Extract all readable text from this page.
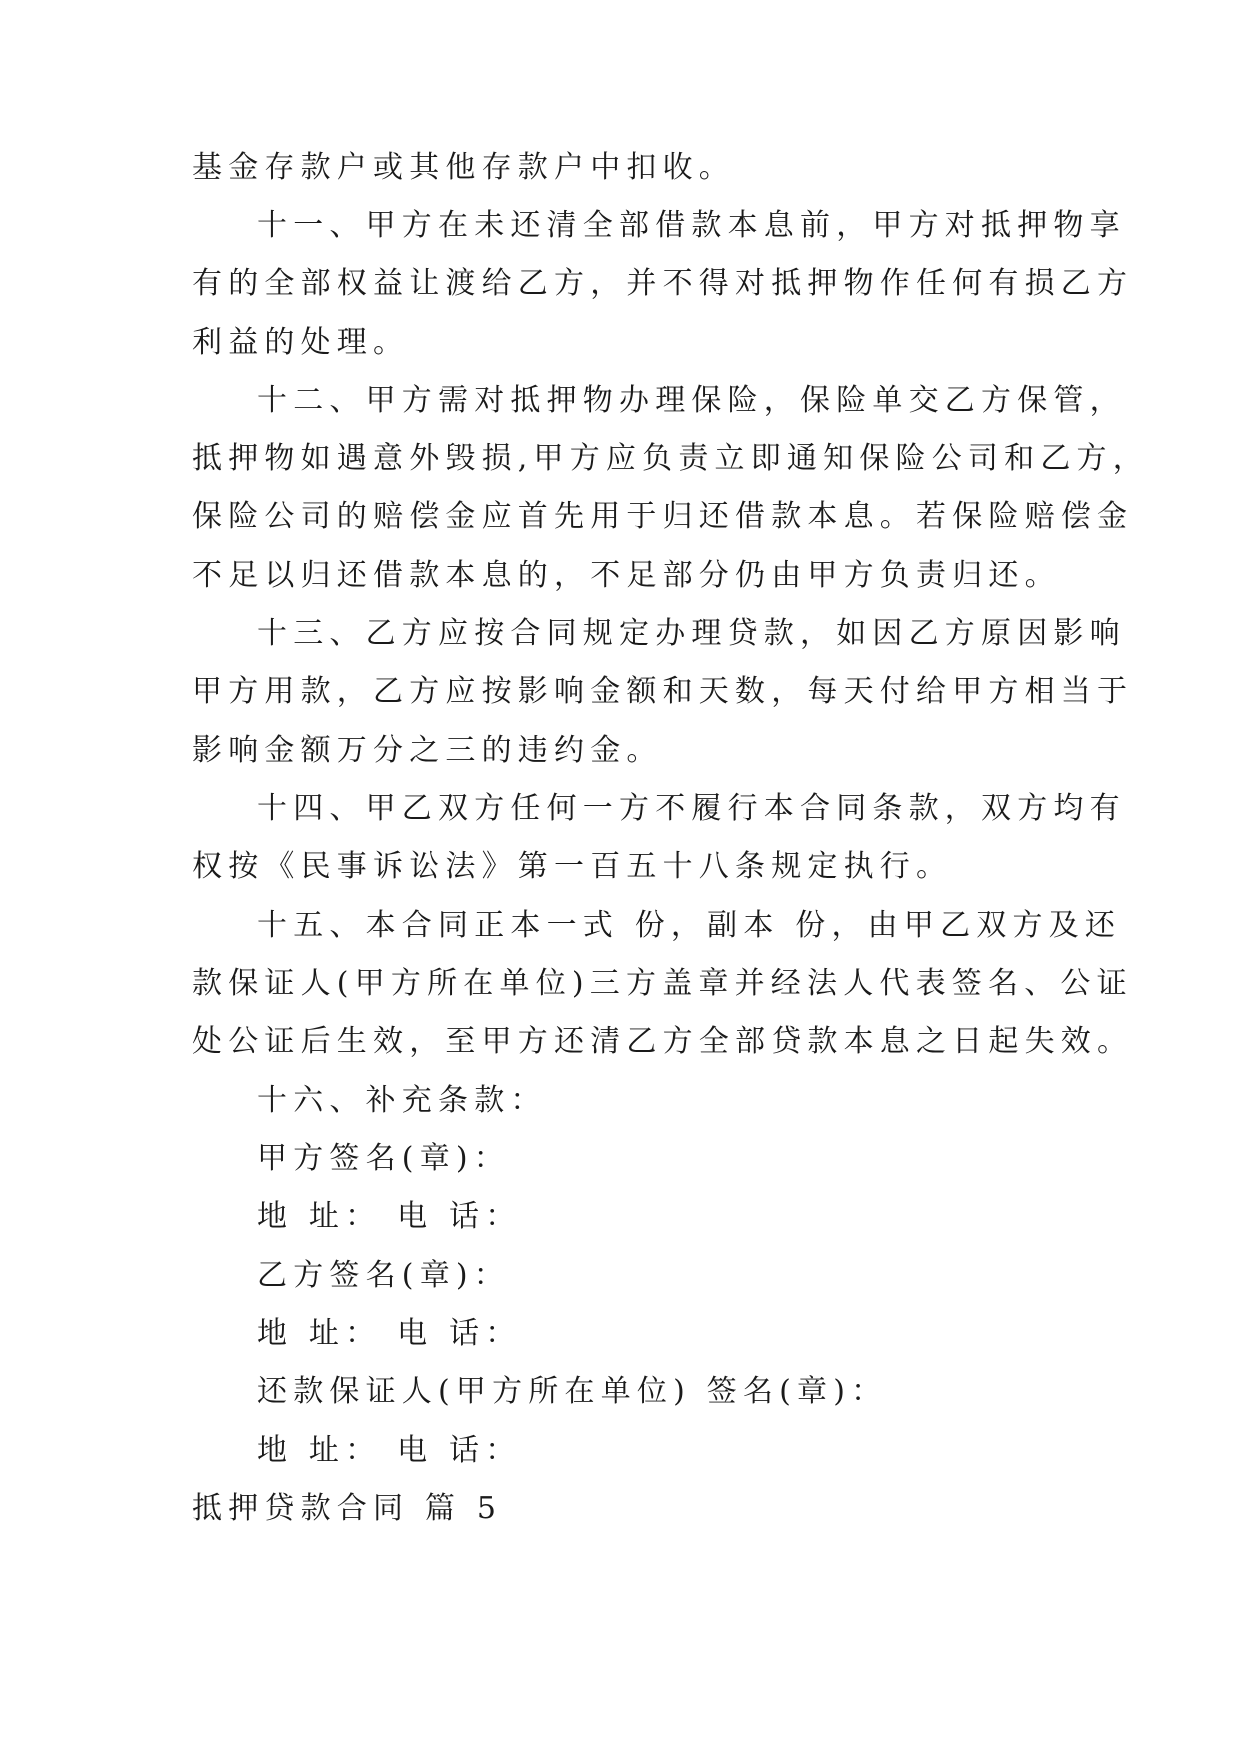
基金存款户或其他存款户中扣收。
十一、甲方在未还清全部借款本息前，甲方对抵押物享
有的全部权益让渡给乙方，并不得对抵押物作任何有损乙方
利益的处理。
十二、甲方需对抵押物办理保险，保险单交乙方保管，
抵押物如遇意外毁损,甲方应负责立即通知保险公司和乙方，
保险公司的赔偿金应首先用于归还借款本息。若保险赔偿金
不足以归还借款本息的，不足部分仍由甲方负责归还。
十三、乙方应按合同规定办理贷款，如因乙方原因影响
甲方用款，乙方应按影响金额和天数，每天付给甲方相当于
影响金额万分之三的违约金。
十四、甲乙双方任何一方不履行本合同条款，双方均有
权按《民事诉讼法》第一百五十八条规定执行。
十五、本合同正本一式 份，副本 份，由甲乙双方及还
款保证人(甲方所在单位)三方盖章并经法人代表签名、公证
处公证后生效，至甲方还清乙方全部贷款本息之日起失效。
十六、补充条款：
甲方签名(章)：
地 址： 电 话：
乙方签名(章)：
地 址： 电 话：
还款保证人(甲方所在单位) 签名(章)：
地 址： 电 话：
抵押贷款合同 篇 5
